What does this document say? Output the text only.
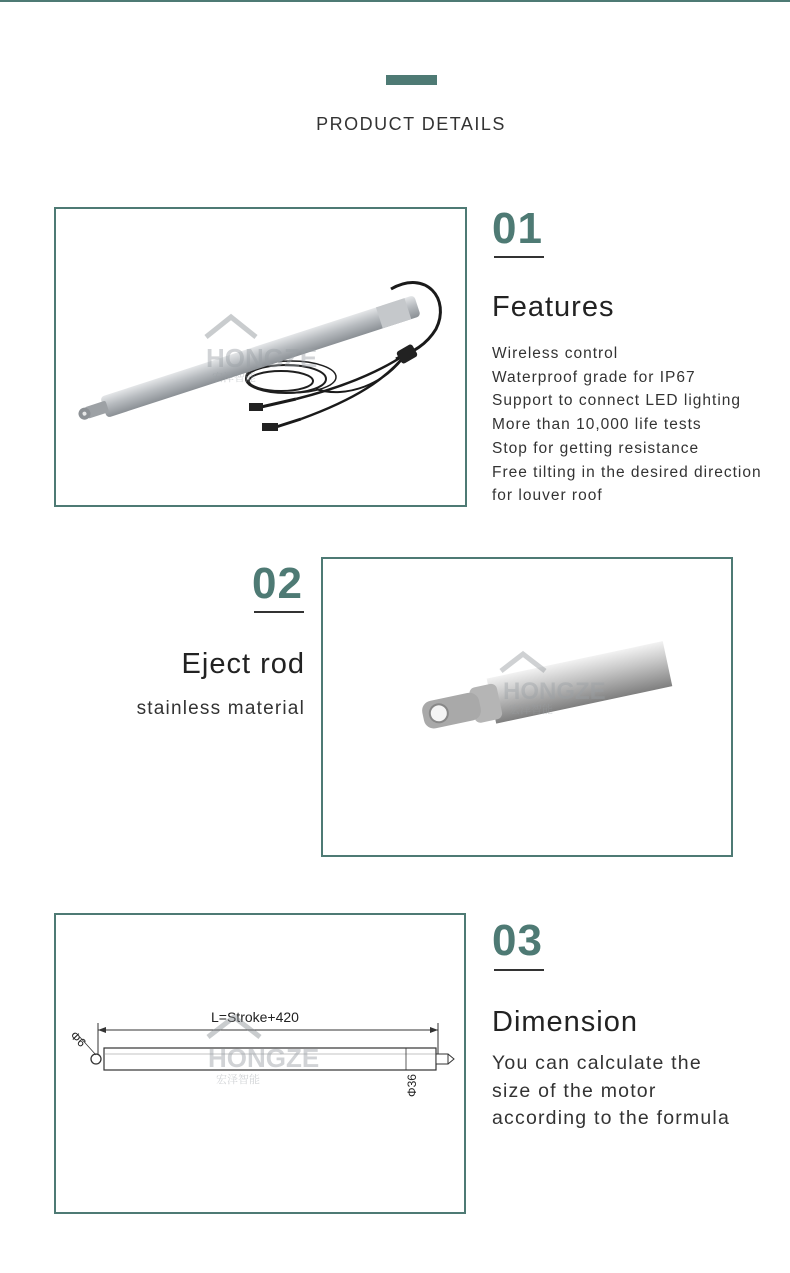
PRODUCT DETAILS
HONGZE
宏泽智能
01
Features
Wireless control
Waterproof grade for IP67
Support to connect LED lighting
More than 10,000 life tests
Stop for getting resistance
Free tilting in the desired direction
for louver roof
02
Eject rod
stainless material
HONGZE
宏泽智能
L=Stroke+420
Φ6
Φ36
HONGZE
宏泽智能
03
Dimension
You can calculate the
size of the motor
according to the formula
